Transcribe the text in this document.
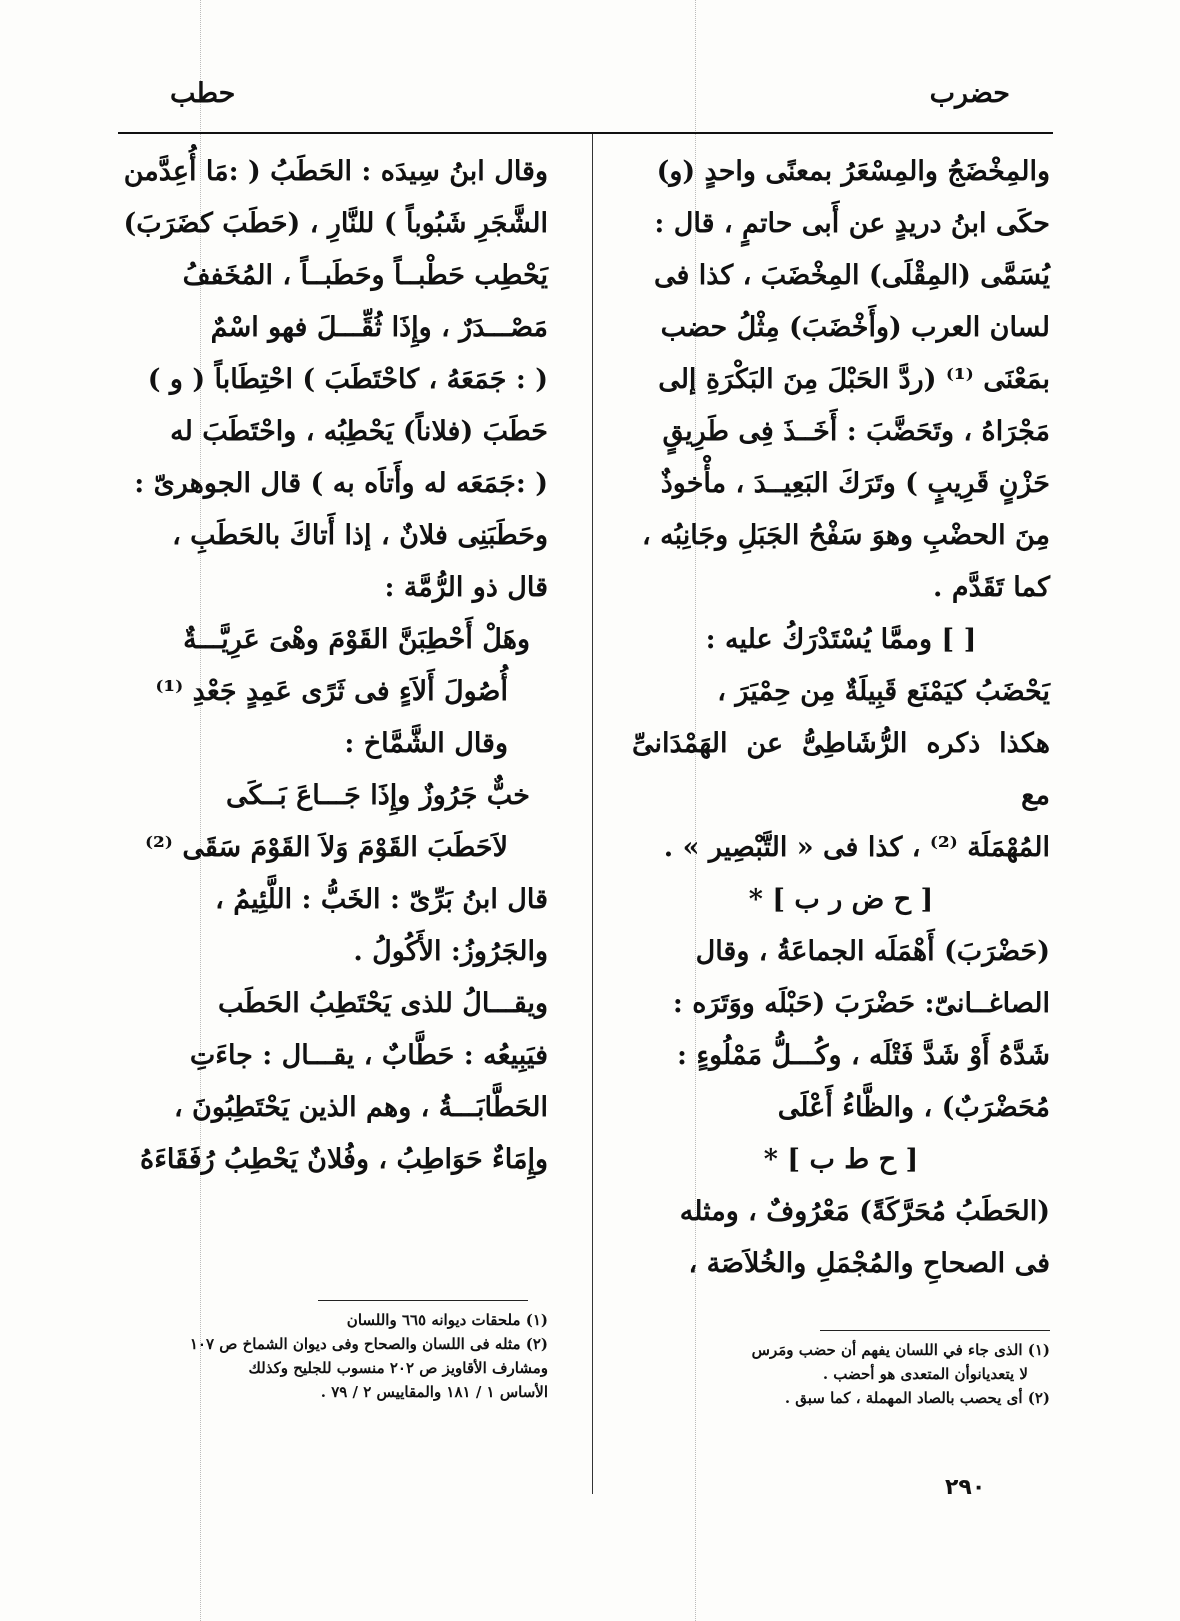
حضرب
حطب

والمِخْضَجُ والمِسْعَرُ بمعنًى واحدٍ (و)

حكَى ابنُ دريدٍ عن أَبى حاتمٍ ، قال :

يُسَمَّى (المِقْلَى) المِخْضَبَ ، كذا فى

لسان العرب (وأَخْضَبَ) مِثْلُ حضب

بمَعْنَى ⁽¹⁾ (ردَّ الحَبْلَ مِنَ البَكْرَةِ إلى

مَجْرَاهُ ، وتَحَضَّبَ : أَخَــذَ فِى طَرِيقٍ

حَزْنٍ قَرِيبٍ ) وتَرَكَ البَعِيــدَ ، مأْخوذٌ

مِنَ الحضْبِ وهوَ سَفْحُ الجَبَلِ وجَانِبُه ،

كما تَقَدَّم .

[ ] وممَّا يُسْتَدْرَكُ عليه :

يَحْضَبُ كيَمْنَع قَبِيلَةٌ مِن حِمْيَرَ ،

هكذا ذكره الرُّشَاطِىُّ عن الهَمْدَانىِّ مع

المُهْمَلَة ⁽²⁾ ، كذا فى « التَّبْصِير » .

[ ح ض ر ب ] *

(حَضْرَبَ) أَهْمَلَه الجماعَةُ ، وقال

الصاغــانىّ: حَضْرَبَ (حَبْلَه ووَتَرَه :

شَدَّهُ أَوْ شَدَّ فَتْلَه ، وكُـــلُّ مَمْلُوءٍ :

مُحَضْرَبٌ) ، والظَّاءُ أَعْلَى

[ ح ط ب ] *

(الحَطَبُ مُحَرَّكَةً) مَعْرُوفٌ ، ومثله

فى الصحاحِ والمُجْمَلِ والخُلاَصَة ،

(١) الذى جاء في اللسان يفهم أن حضب ومَرس

لا يتعديانوأن المتعدى هو أحضب .

(٢) أى يحصب بالصاد المهملة ، كما سبق .

وقال ابنُ سِيدَه : الحَطَبُ ( :مَا أُعِدَّمن

الشَّجَرِ شَبُوباً ) للنَّارِ ، (حَطَبَ كضَرَبَ)

يَحْطِب حَطْبــاً وحَطَبــاً ، المُخَففُ

مَصْـــدَرٌ ، وإِذَا ثُقِّـــلَ فهو اسْمٌ

( : جَمَعَهُ ، كاحْتَطَبَ ) احْتِطَاباً ( و )

حَطَبَ (فلاناً) يَحْطِبُه ، واحْتَطَبَ له

( :جَمَعَه له وأَتاَه به ) قال الجوهرىّ :

وحَطَبَنِى فلانٌ ، إذا أَتاكَ بالحَطَبِ ،

قال ذو الرُّمَّة :

وهَلْ أَحْطِبَنَّ القَوْمَ وهْىَ عَرِيَّـــةٌ

أُصُولَ أَلاَءٍ فى ثَرًى عَمِدٍ جَعْدِ ⁽¹⁾

وقال الشَّمَّاخ :

خبٌّ جَرُوزٌ وإِذَا جَـــاعَ بَــكَى

لاَحَطَبَ القَوْمَ وَلاَ القَوْمَ سَقَى ⁽²⁾

قال ابنُ بَرِّىّ : الخَبُّ : اللَّئِيمُ ،

والجَرُوزُ: الأَكُولُ .

ويقـــالُ للذى يَحْتَطِبُ الحَطَب

فيَبِيعُه : حَطَّابٌ ، يقـــال : جاءَتِ

الحَطَّابَـــةُ ، وهم الذين يَحْتَطِبُونَ ،

وإِمَاءٌ حَوَاطِبُ ، وفُلانٌ يَحْطِبُ رُفَقَاءَهُ

(١) ملحقات ديوانه ٦٦٥ واللسان

(٢) مثله فى اللسان والصحاح وفى ديوان الشماخ ص ١٠٧

ومشارف الأقاويز ص ٢٠٢ منسوب للجليح وكذلك

الأساس ١ / ١٨١ والمقاييس ٢ / ٧٩ .

٢٩٠
